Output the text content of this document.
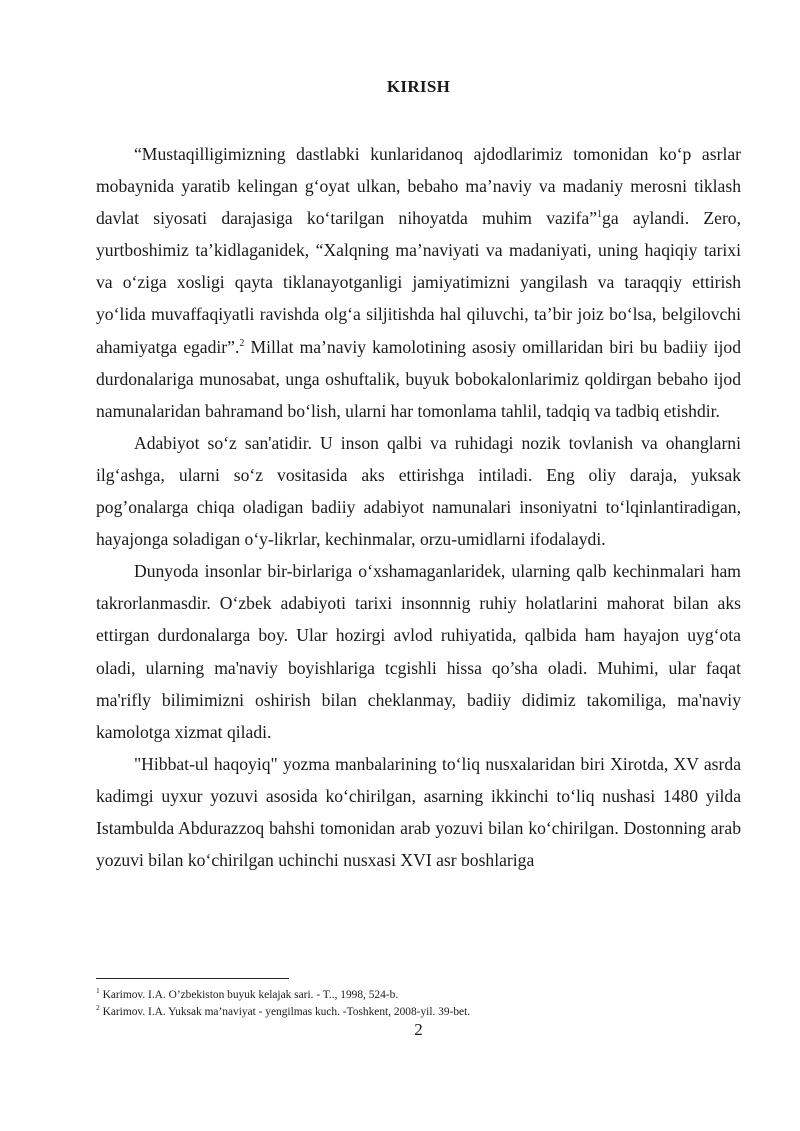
KIRISH

“Mustaqilligimizning dastlabki kunlaridanoq ajdodlarimiz tomonidan ko‘p asrlar mobaynida yaratib kelingan g‘oyat ulkan, bebaho ma’naviy va madaniy merosni tiklash davlat siyosati darajasiga ko‘tarilgan nihoyatda muhim vazifa”$^1$ga aylandi. Zero, yurtboshimiz ta’kidlaganidek, “Xalqning ma’naviyati va madaniyati, uning haqiqiy tarixi va o‘ziga xosligi qayta tiklanayotganligi jamiyatimizni yangilash va taraqqiy ettirish yo‘lida muvaffaqiyatli ravishda olg‘a siljitishda hal qiluvchi, ta’bir joiz bo‘lsa, belgilovchi ahamiyatga egadir”.$^2$ Millat ma’naviy kamolotining asosiy omillaridan biri bu badiiy ijod durdonalariga munosabat, unga oshuftalik, buyuk bobokalonlarimiz qoldirgan bebaho ijod namunalaridan bahramand bo‘lish, ularni har tomonlama tahlil, tadqiq va tadbiq etishdir.

Adabiyot so‘z san'atidir. U inson qalbi va ruhidagi nozik tovlanish va ohanglarni ilg‘ashga, ularni so‘z vositasida aks ettirishga intiladi. Eng oliy daraja, yuksak pog’onalarga chiqa oladigan badiiy adabiyot namunalari insoniyatni to‘lqinlantiradigan, hayajonga soladigan o‘y-likrlar, kechinmalar, orzu-umidlarni ifodalaydi.

Dunyoda insonlar bir-birlariga o‘xshamaganlaridek, ularning qalb kechinmalari ham takrorlanmasdir. O‘zbek adabiyoti tarixi insonnnig ruhiy holatlarini mahorat bilan aks ettirgan durdonalarga boy. Ular hozirgi avlod ruhiyatida, qalbida ham hayajon uyg‘ota oladi, ularning ma'naviy boyishlariga tcgishli hissa qo’sha oladi. Muhimi, ular faqat ma'rifly bilimimizni oshirish bilan cheklanmay, badiiy didimiz takomiliga, ma'naviy kamolotga xizmat qiladi.

"Hibbat-ul haqoyiq" yozma manbalarining to‘liq nusxalaridan biri Xirotda, XV asrda kadimgi uyxur yozuvi asosida ko‘chirilgan, asarning ikkinchi to‘liq nushasi 1480 yilda Istambulda Abdurazzoq bahshi tomonidan arab yozuvi bilan ko‘chirilgan. Dostonning arab yozuvi bilan ko‘chirilgan uchinchi nusxasi XVI asr boshlariga

$^1$ Karimov. I.A. O’zbekiston buyuk kelajak sari. - T.., 1998, 524-b.
$^2$ Karimov. I.A. Yuksak ma’naviyat - yengilmas kuch. -Toshkent, 2008-yil. 39-bet.
2
